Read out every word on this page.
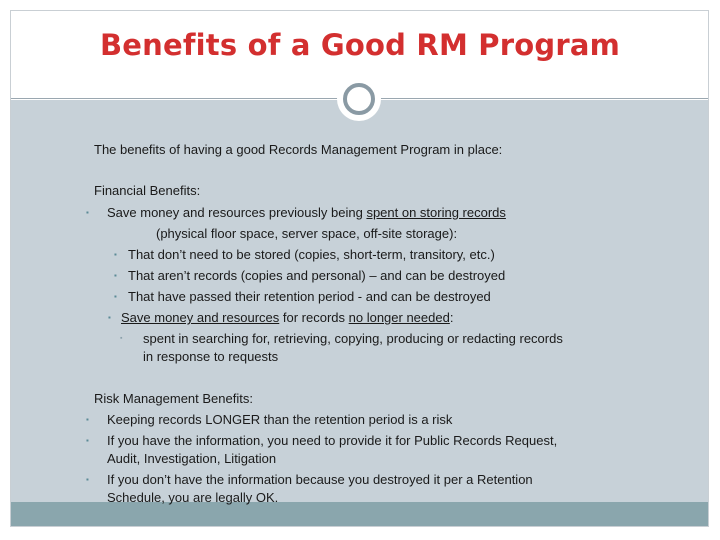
Benefits of a Good RM Program
The benefits of having a good Records Management Program in place:
Financial Benefits:
▪ Save money and resources previously being spent on storing records
(physical floor space, server space, off-site storage):
▪ That don’t need to be stored (copies, short-term, transitory, etc.)
▪ That aren’t records (copies and personal) – and can be destroyed
▪ That have passed their retention period - and can be destroyed
▪ Save money and resources for records no longer needed:
▪ spent in searching for, retrieving, copying, producing or redacting records
in response to requests
Risk Management Benefits:
▪ Keeping records LONGER than the retention period is a risk
▪ If you have the information, you need to provide it for Public Records Request,
Audit, Investigation, Litigation
▪ If you don’t have the information because you destroyed it per a Retention
Schedule, you are legally OK.
